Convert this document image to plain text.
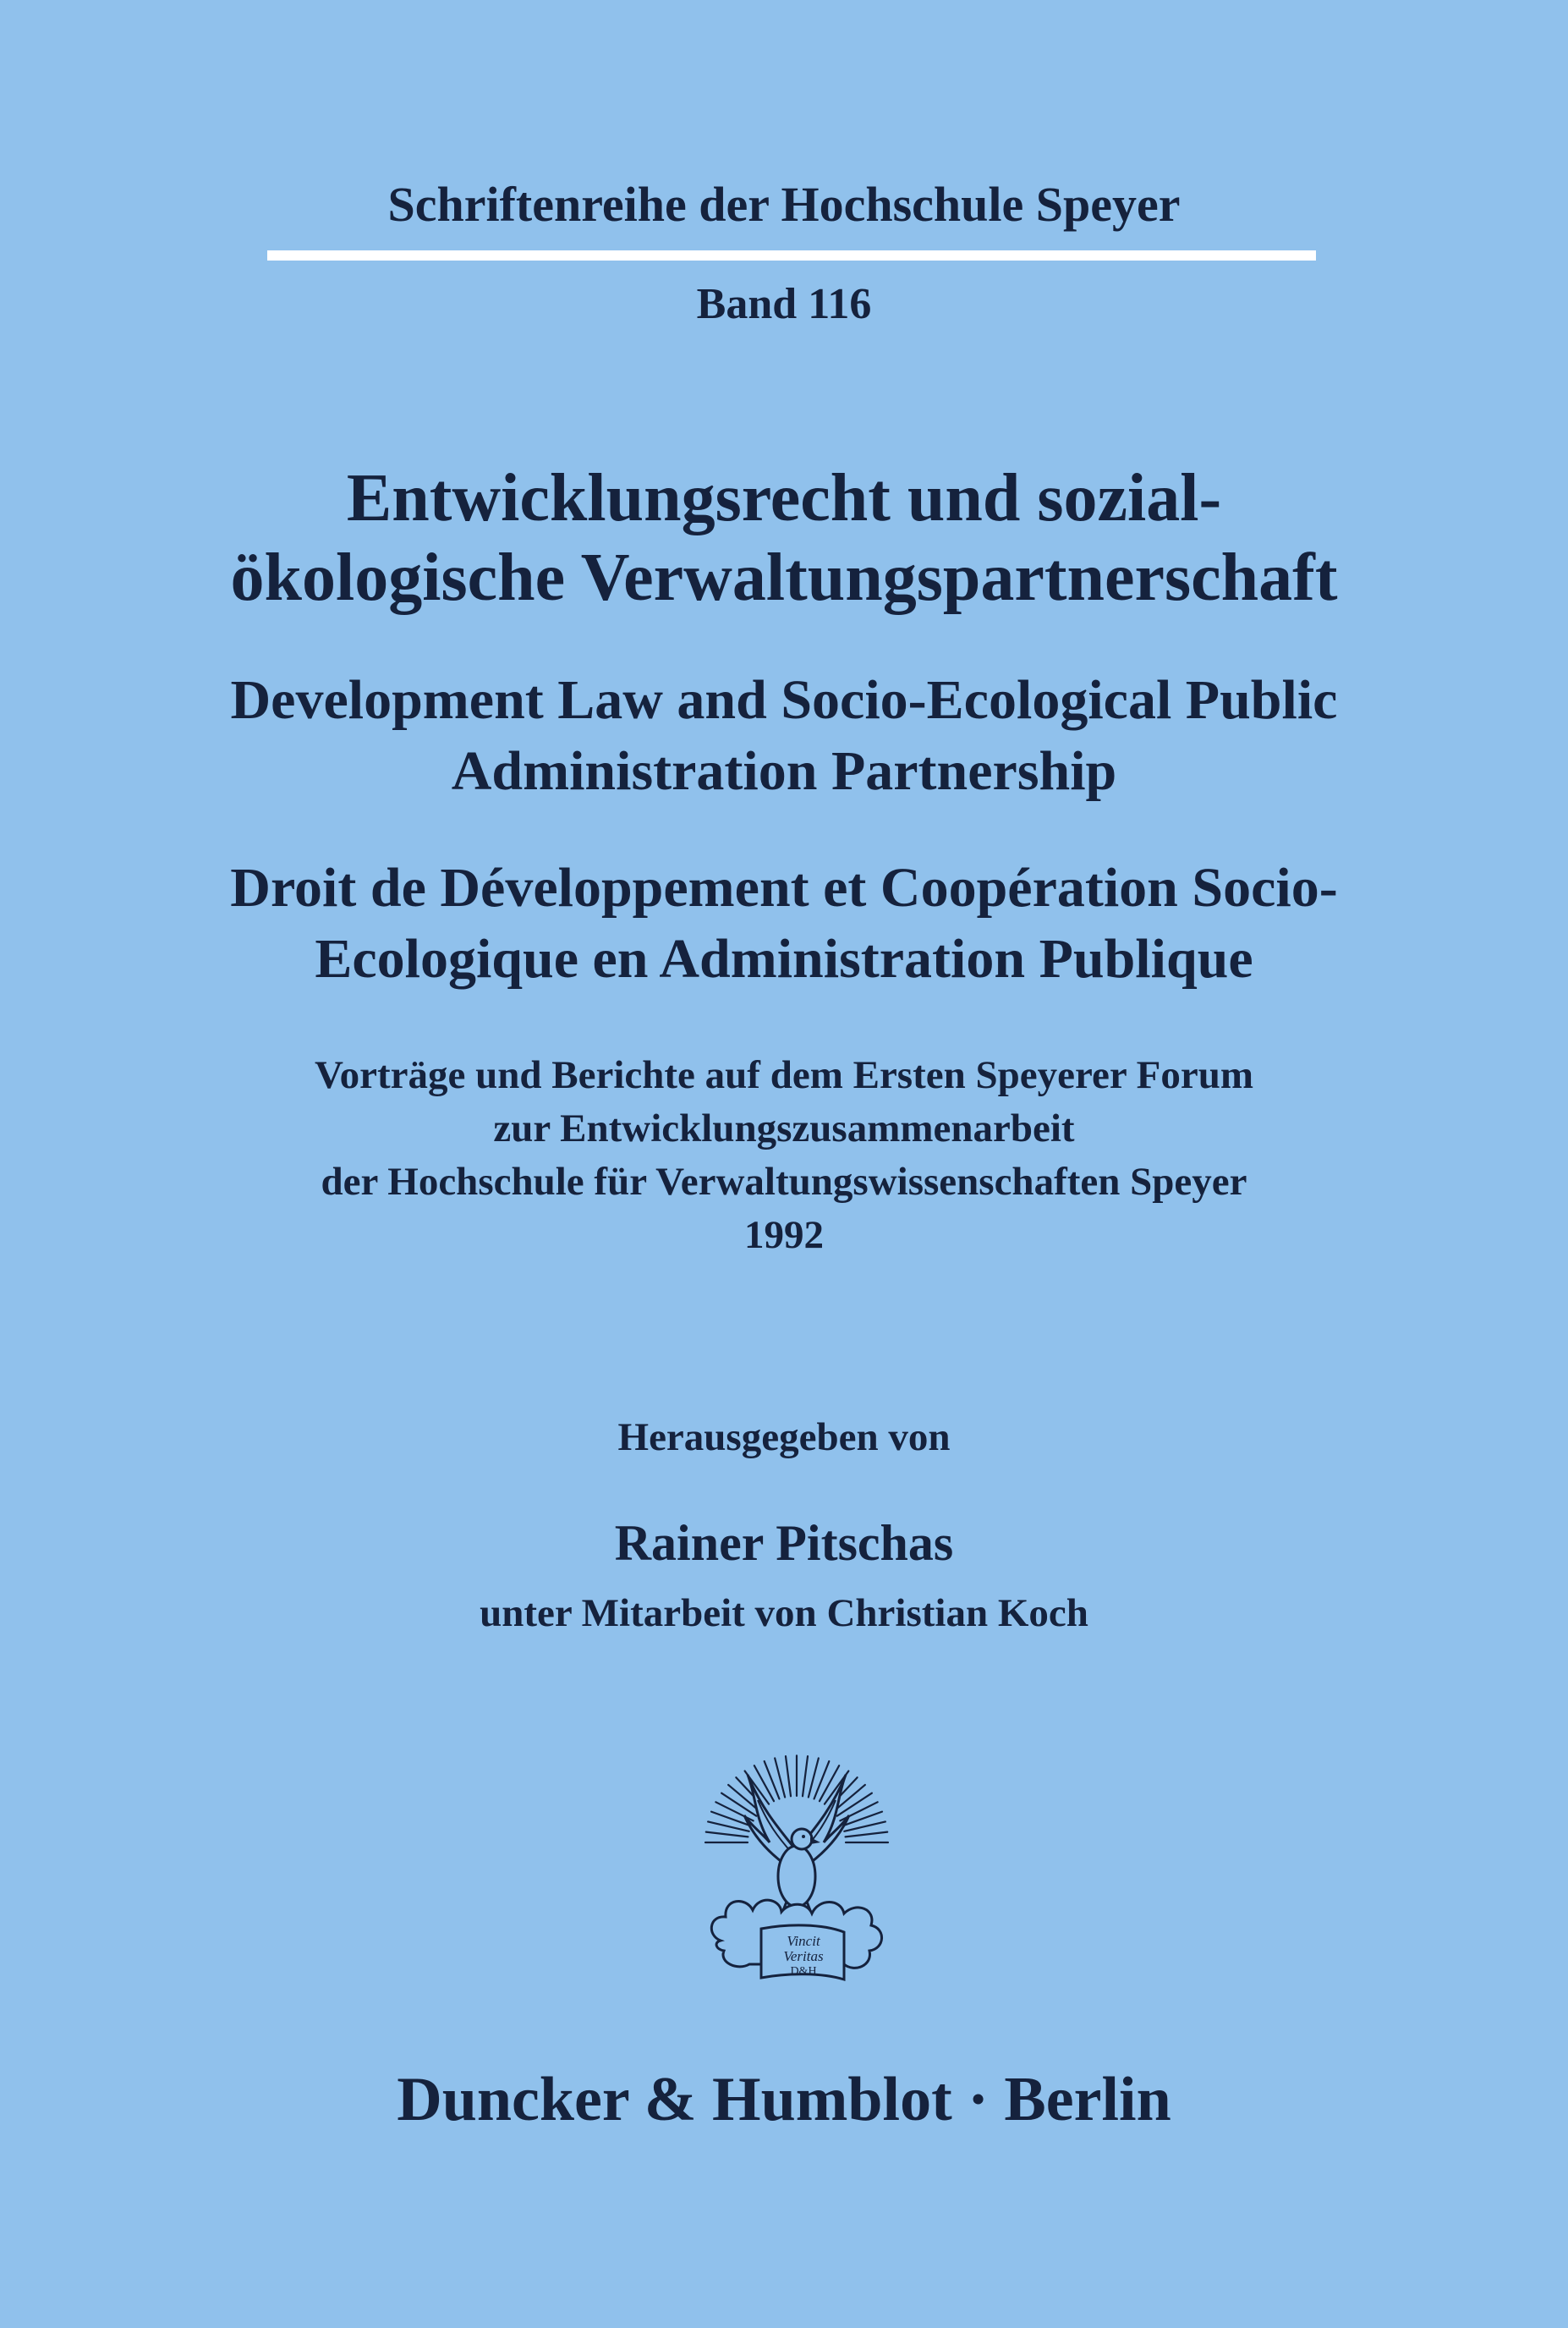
Schriftenreihe der Hochschule Speyer
Band 116
Entwicklungsrecht und sozial-
ökologische Verwaltungspartnerschaft
Development Law and Socio-Ecological Public
Administration Partnership
Droit de Développement et Coopération Socio-
Ecologique en Administration Publique
Vorträge und Berichte auf dem Ersten Speyerer Forum
zur Entwicklungszusammenarbeit
der Hochschule für Verwaltungswissenschaften Speyer
1992
Herausgegeben von
Rainer Pitschas
unter Mitarbeit von Christian Koch
Vincit
Veritas
D&H
Duncker & Humblot · Berlin
